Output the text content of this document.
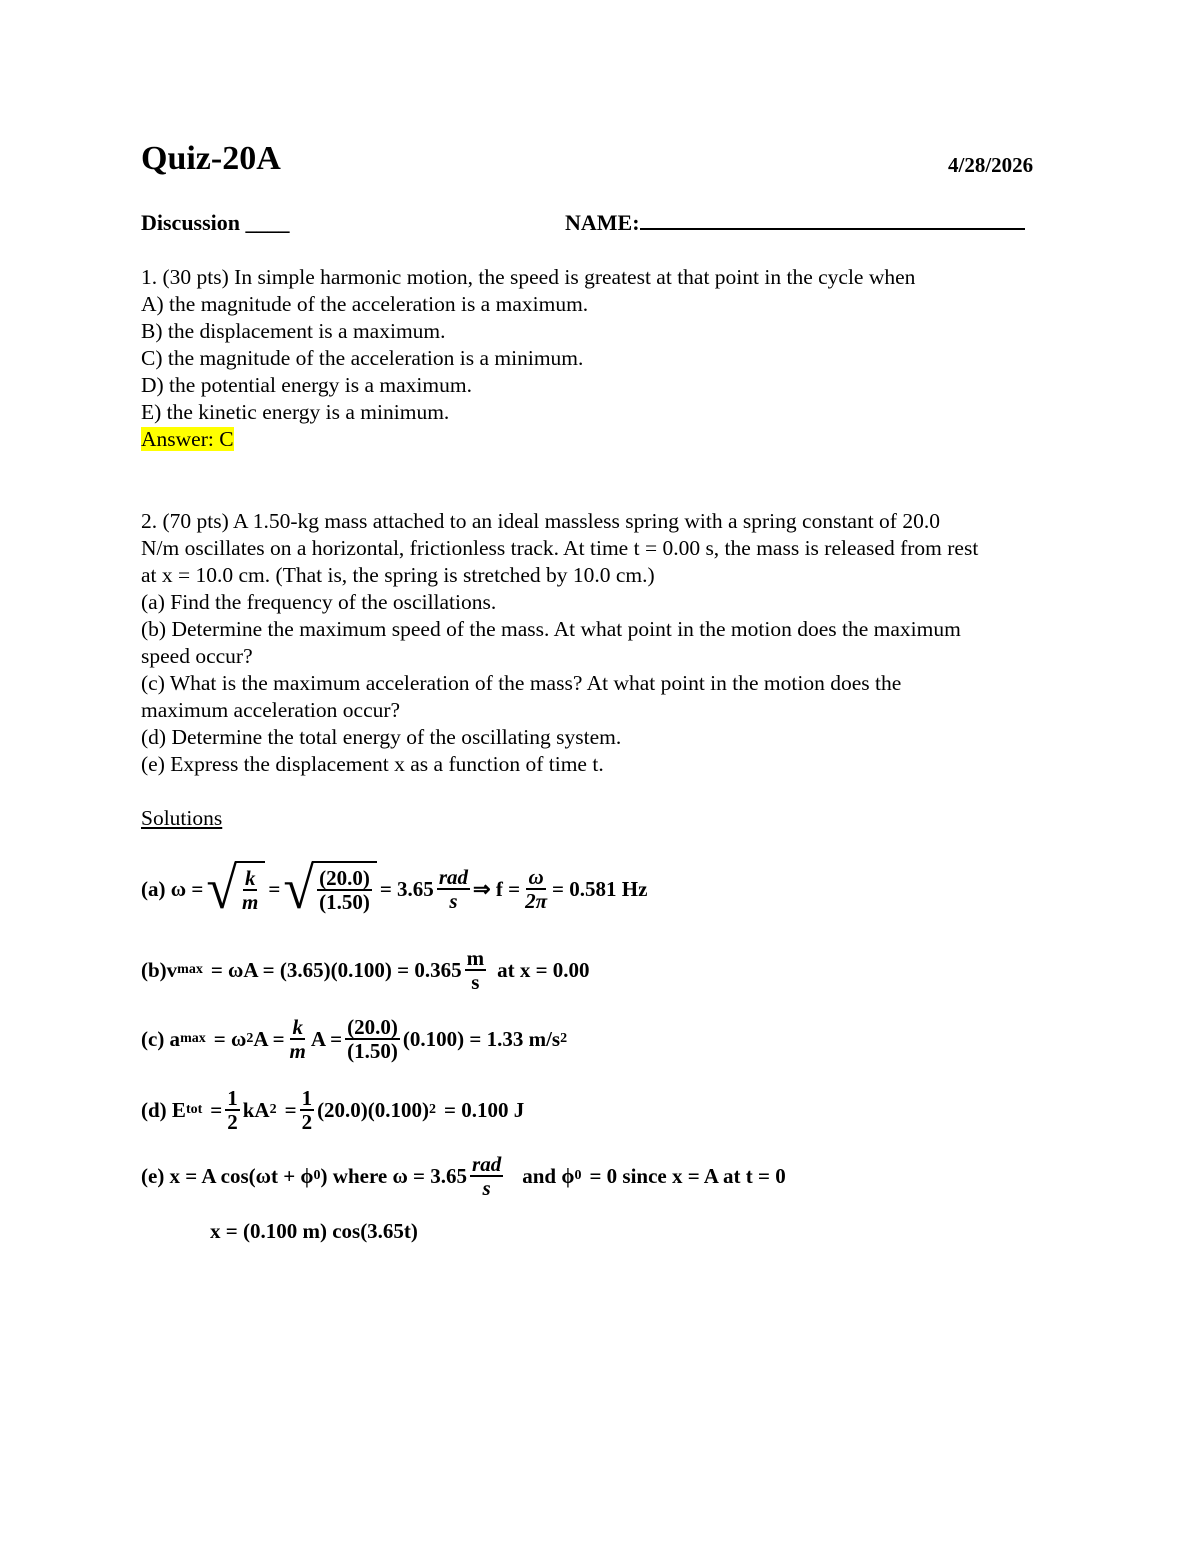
Quiz-20A	4/28/2026
Discussion ____	NAME:
1. (30 pts) In simple harmonic motion, the speed is greatest at that point in the cycle when
A) the magnitude of the acceleration is a maximum.
B) the displacement is a maximum.
C) the magnitude of the acceleration is a minimum.
D) the potential energy is a maximum.
E) the kinetic energy is a minimum.
Answer: C
2. (70 pts) A 1.50-kg mass attached to an ideal massless spring with a spring constant of 20.0
N/m oscillates on a horizontal, frictionless track. At time t = 0.00 s, the mass is released from rest
at x = 10.0 cm. (That is, the spring is stretched by 10.0 cm.)
(a) Find the frequency of the oscillations.
(b) Determine the maximum speed of the mass. At what point in the motion does the maximum
speed occur?
(c) What is the maximum acceleration of the mass? At what point in the motion does the
maximum acceleration occur?
(d) Determine the total energy of the oscillating system.
(e) Express the displacement x as a function of time t.
Solutions
(a) ω = √ $\frac{k}{m}$ = √ $\frac{(20.0)}{(1.50)} = 3.65 \frac{\text{rad}}{s}$ ⇒ $f = \frac{\omega}{2\pi} = 0.581$ Hz
(b)v $\max = \omega A = (3.65)(0.100) = 0.365 \frac{m}{s}$ at x = 0.00
(c) a max = ω 2 $A = \frac{k}{m}$ $A = \frac{(20.0)}{(1.50)} (0.100) = 1.33$ m/s 2
(d) E tot = $\frac{1}{2}$ kA $2 = \frac{1}{2} (20.0)(0.100) 2 = 0.100$ J
(e) x = A cos(ωt + ϕ 0 ) where $\omega = 3.65 \frac{\text{rad}}{s}$ and ϕ 0 = 0 since x = A at t = 0
x = (0.100 m) cos(3.65t)
